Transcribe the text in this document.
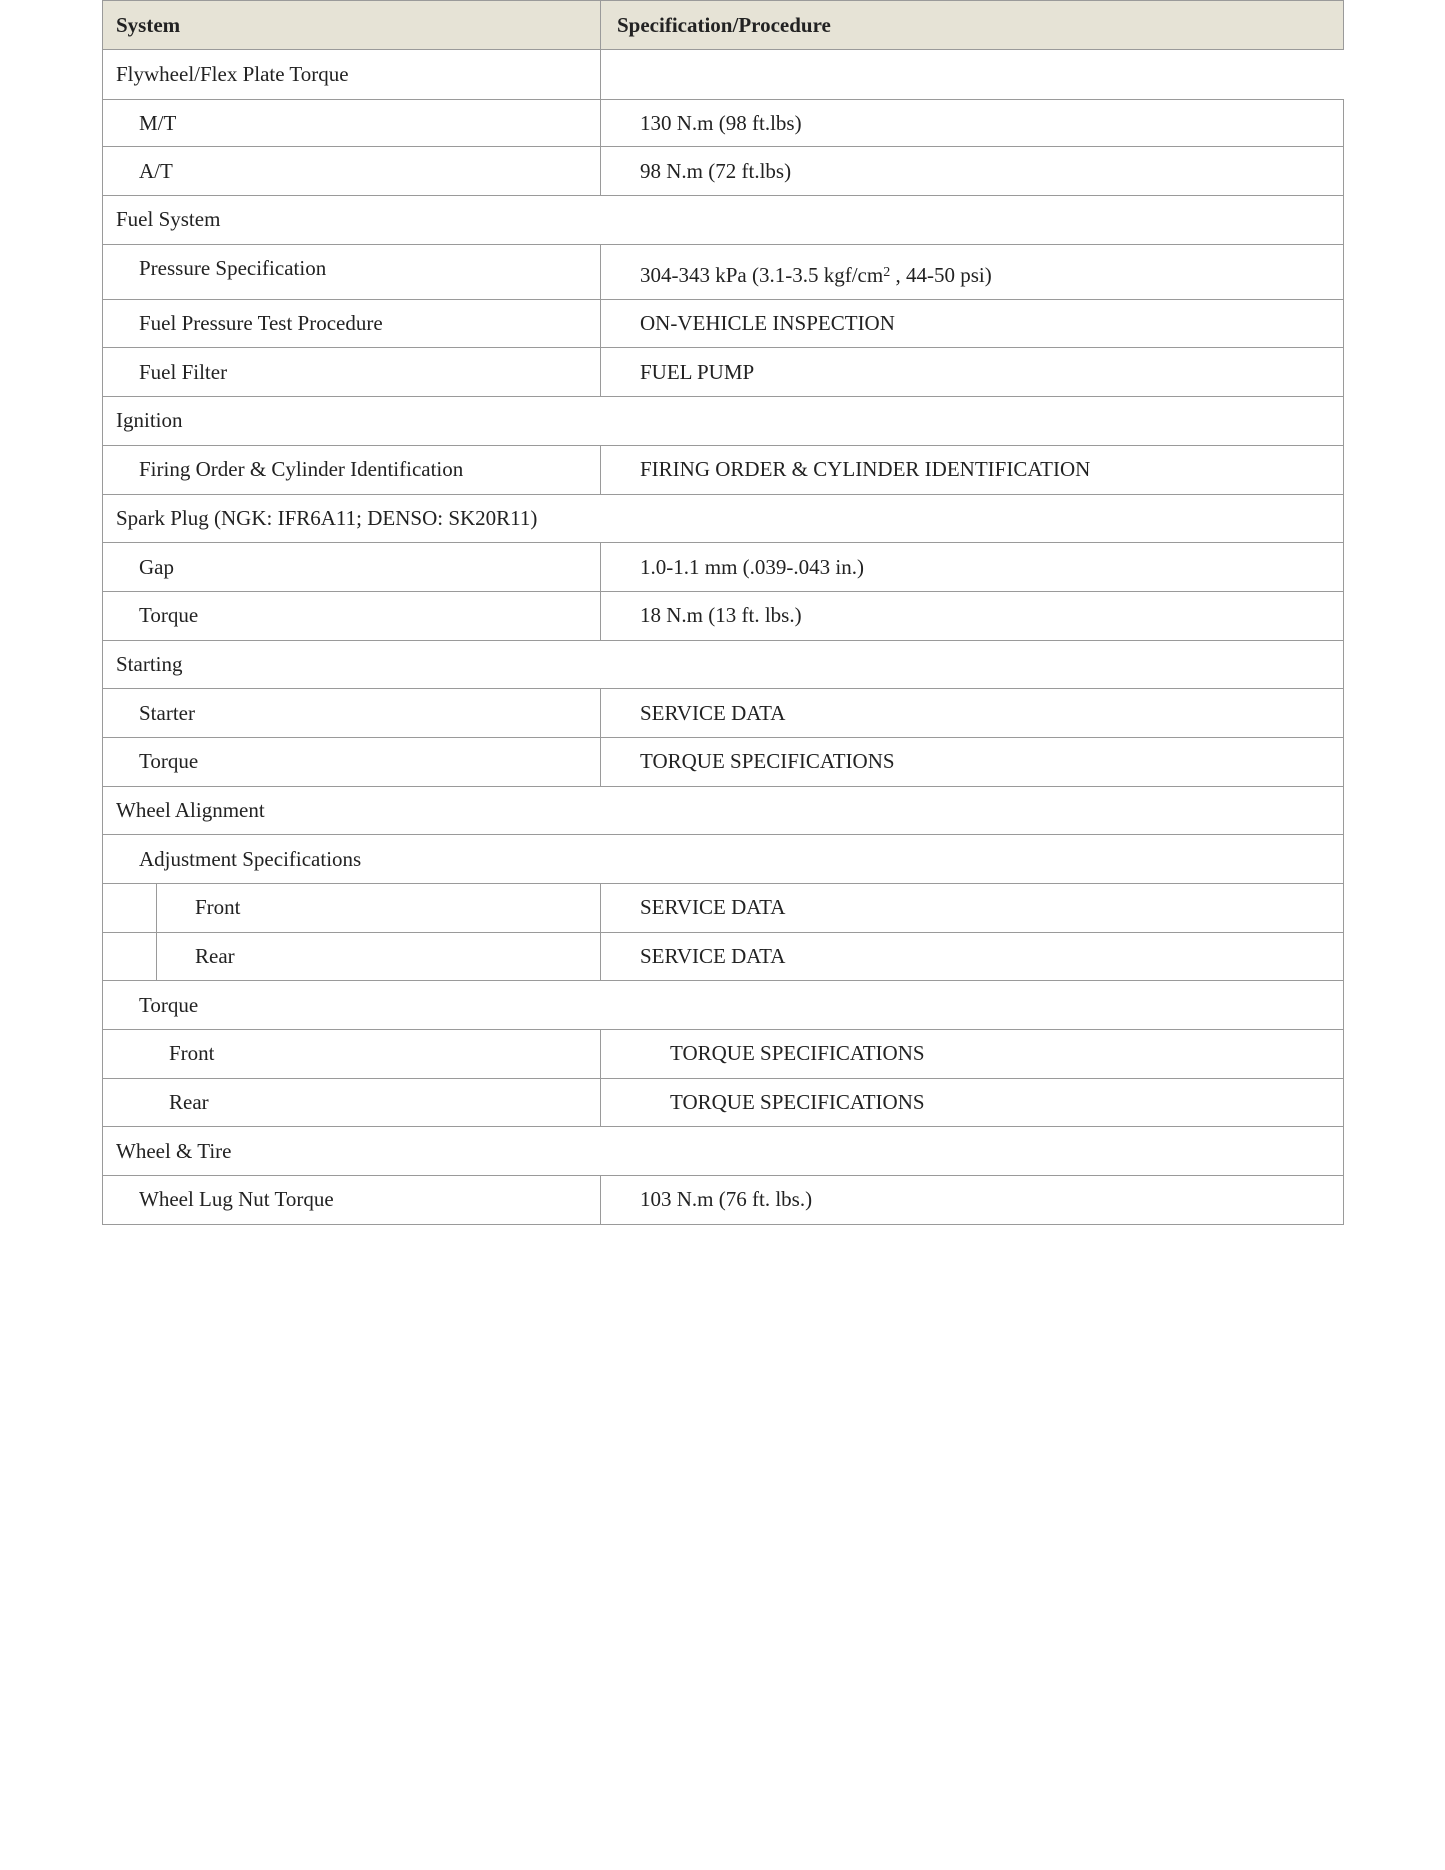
System	Specification/Procedure
Flywheel/Flex Plate Torque
M/T	130 N.m (98 ft.lbs)
A/T	98 N.m (72 ft.lbs)
Fuel System
Pressure Specification	304-343 kPa (3.1-3.5 kgf/$cm^2$ , 44-50 psi)
Fuel Pressure Test Procedure	ON-VEHICLE INSPECTION
Fuel Filter	FUEL PUMP
Ignition
Firing Order & Cylinder Identification	FIRING ORDER & CYLINDER IDENTIFICATION
Spark Plug (NGK: IFR6A11; DENSO: SK20R11)
Gap	1.0-1.1 mm (.039-.043 in.)
Torque	18 N.m (13 ft. lbs.)
Starting
Starter	SERVICE DATA
Torque	TORQUE SPECIFICATIONS
Wheel Alignment
Adjustment Specifications
Front	SERVICE DATA
Rear	SERVICE DATA
Torque
Front	TORQUE SPECIFICATIONS
Rear	TORQUE SPECIFICATIONS
Wheel & Tire
Wheel Lug Nut Torque	103 N.m (76 ft. lbs.)
